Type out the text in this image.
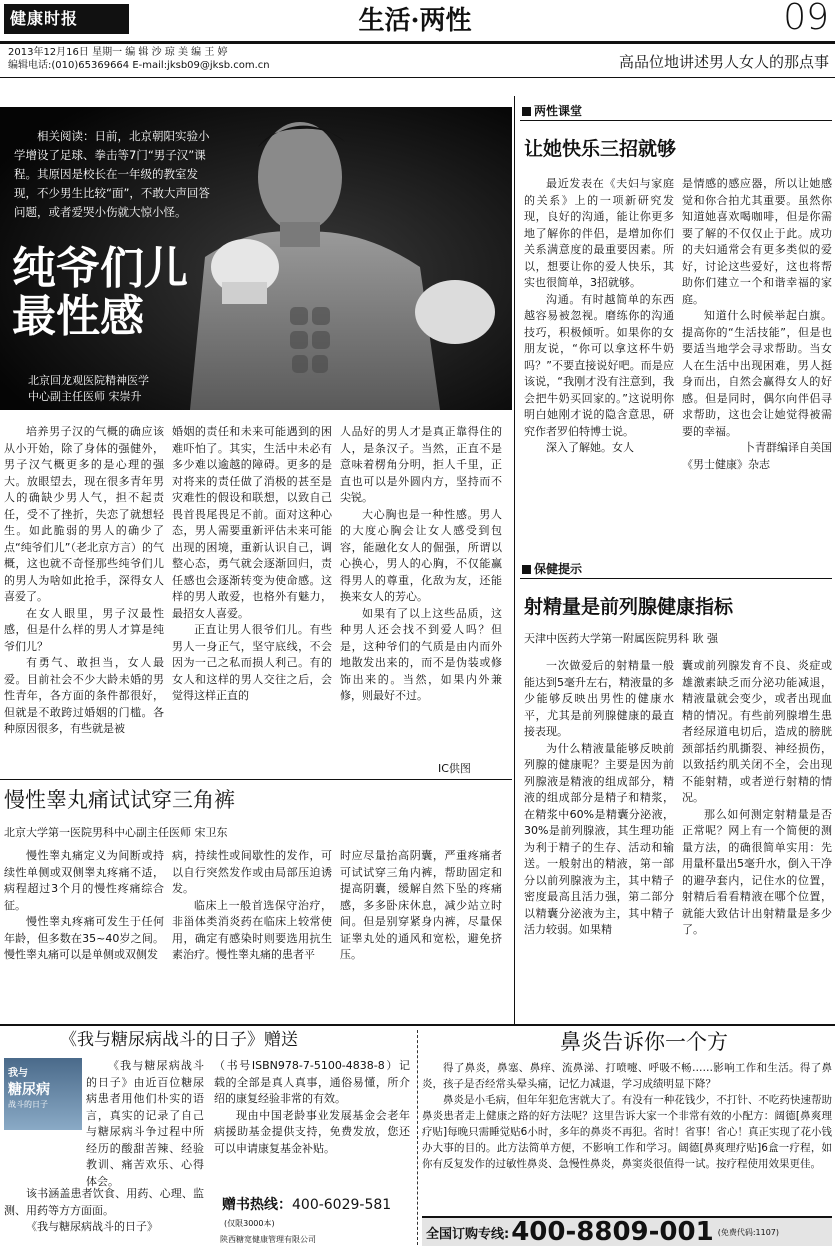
健康时报	生活·两性	09
2013年12月16日 星期一 编 辑 沙 琼 美 编 王 婷
编辑电话:(010)65369664 E-mail:jksb09@jksb.com.cn	高品位地讲述男人女人的那点事
相关阅读：日前，北京朝阳实验小学增设了足球、拳击等7门“男子汉”课程。其原因是校长在一年级的教室发现，不少男生比较“面”，不敢大声回答问题，或者爱哭小伤就大惊小怪。
纯爷们儿
最性感
北京回龙观医院精神医学
中心副主任医师 宋崇升

培养男子汉的气概的确应该从小开始，除了身体的强健外，男子汉气概更多的是心理的强大。放眼望去，现在很多青年男人的确缺少男人气，担不起责任，受不了挫折，失恋了就想轻生。如此脆弱的男人的确少了点“纯爷们儿”（老北京方言）的气概，这也就不奇怪那些纯爷们儿的男人为啥如此抢手，深得女人喜爱了。

在女人眼里，男子汉最性感，但是什么样的男人才算是纯爷们儿？

有勇气、敢担当，女人最爱。目前社会不少大龄未婚的男性青年，各方面的条件都很好，但就是不敢跨过婚姻的门槛。各种原因很多，有些就是被

婚姻的责任和未来可能遇到的困难吓怕了。其实，生活中未必有多少难以逾越的障碍。更多的是对将来的责任做了消极的甚至是灾难性的假设和联想，以致自己畏首畏尾畏足不前。面对这种心态，男人需要重新评估未来可能出现的困境，重新认识自己，调整心态，勇气就会逐渐回归，责任感也会逐渐转变为使命感。这样的男人敢爱，也格外有魅力，最招女人喜爱。

正直让男人很爷们儿。有些男人一身正气，坚守底线，不会因为一己之私而损人利己。有的女人和这样的男人交往之后，会觉得这样正直的

人品好的男人才是真正靠得住的人，是条汉子。当然，正直不是意味着楞角分明，拒人千里，正直也可以是外圆内方，坚持而不尖锐。

大心胸也是一种性感。男人的大度心胸会让女人感受到包容，能融化女人的倔强，所谓以心换心，男人的心胸，不仅能赢得男人的尊重，化敌为友，还能换来女人的芳心。

如果有了以上这些品质，这种男人还会找不到爱人吗？但是，这种爷们的气质是由内而外地散发出来的，而不是伪装或修饰出来的。当然，如果内外兼修，则最好不过。

IC供图
慢性睾丸痛试试穿三角裤
北京大学第一医院男科中心副主任医师 宋卫东

慢性睾丸痛定义为间断或持续性单侧或双侧睾丸疼痛不适，病程超过3个月的慢性疼痛综合征。

慢性睾丸疼痛可发生于任何年龄，但多数在35~40岁之间。慢性睾丸痛可以是单侧或双侧发

病，持续性或间歇性的发作，可以自行突然发作或由局部压迫诱发。

临床上一般首选保守治疗，非甾体类消炎药在临床上较常使用，确定有感染时则要选用抗生素治疗。慢性睾丸痛的患者平

时应尽量抬高阴囊，严重疼痛者可试试穿三角内裤，帮助固定和提高阴囊，缓解自然下坠的疼痛感，多多卧床休息，减少站立时间。但是别穿紧身内裤，尽量保证睾丸处的通风和宽松，避免挤压。

两性课堂
让她快乐三招就够

最近发表在《夫妇与家庭的关系》上的一项新研究发现，良好的沟通，能让你更多地了解你的伴侣，是增加你们关系满意度的最重要因素。所以，想要让你的爱人快乐，其实也很简单，3招就够。

沟通。有时越简单的东西越容易被忽视。磨练你的沟通技巧，积极倾听。如果你的女朋友说，“你可以拿这杯牛奶吗？”不要直接说好吧。而是应该说，“我刚才没有注意到，我会把牛奶买回家的。”这说明你明白她刚才说的隐含意思，研究作者罗伯特博士说。

深入了解她。女人

是情感的感应器，所以让她感觉和你合拍尤其重要。虽然你知道她喜欢喝咖啡，但是你需要了解的不仅仅止于此。成功的夫妇通常会有更多类似的爱好，讨论这些爱好，这也将帮助你们建立一个和谐幸福的家庭。

知道什么时候举起白旗。提高你的“生活技能”，但是也要适当地学会寻求帮助。当女人在生活中出现困难，男人挺身而出，自然会赢得女人的好感。但是同时，偶尔向伴侣寻求帮助，这也会让她觉得被需要的幸福。

卜青群编译自美国

《男士健康》杂志

保健提示
射精量是前列腺健康指标
天津中医药大学第一附属医院男科 耿 强

一次做爱后的射精量一般能达到5毫升左右，精液量的多少能够反映出男性的健康水平，尤其是前列腺健康的最直接表现。

为什么精液量能够反映前列腺的健康呢？主要是因为前列腺液是精液的组成部分，精液的组成部分是精子和精浆，在精浆中60%是精囊分泌液，30%是前列腺液，其生理功能为利于精子的生存、活动和输送。一般射出的精液，第一部分以前列腺液为主，其中精子密度最高且活力强，第二部分以精囊分泌液为主，其中精子活力较弱。如果精

囊或前列腺发育不良、炎症或雄激素缺乏而分泌功能减退，精液量就会变少，或者出现血精的情况。有些前列腺增生患者经尿道电切后，造成的膀胱颈部括约肌撕裂、神经损伤，以致括约肌关闭不全，会出现不能射精，或者逆行射精的情况。

那么如何测定射精量是否正常呢？网上有一个简便的测量方法，的确很简单实用：先用量杯量出5毫升水，倒入干净的避孕套内，记住水的位置，射精后看看精液在哪个位置，就能大致估计出射精量是多少了。

《我与糖尿病战斗的日子》赠送
我与
糖尿病
战斗的日子

《我与糖尿病战斗的日子》由近百位糖尿病患者用他们朴实的语言，真实的记录了自己与糖尿病斗争过程中所经历的酸甜苦辣、经验教训、痛苦欢乐、心得体会。

该书涵盖患者饮食、用药、心理、监测、用药等方方面面。

《我与糖尿病战斗的日子》

（书号ISBN978-7-5100-4838-8）记载的全部是真人真事，通俗易懂，所介绍的康复经验非常的有效。

现由中国老龄事业发展基金会老年病援助基金提供支持，免费发放，您还可以申请康复基金补贴。

赠书热线：400-6029-581
(仅限3000本)
陕西糖宽健康管理有限公司
鼻炎告诉你一个方

得了鼻炎，鼻塞、鼻痒、流鼻涕、打喷嚏、呼吸不畅……影响工作和生活。得了鼻炎，孩子是否经常头晕头痛，记忆力减退，学习成绩明显下降？

鼻炎是小毛病，但年年犯危害就大了。有没有一种花钱少，不打针、不吃药快速帮助鼻炎患者走上健康之路的好方法呢？这里告诉大家一个非常有效的小配方：阔德[鼻爽理疗贴]每晚只需睡觉贴6小时，多年的鼻炎不再犯。省时！省事！省心！真正实现了花小钱办大事的目的。此方法简单方便，不影响工作和学习。阔德[鼻爽理疗贴]6盒一疗程，如你有反复发作的过敏性鼻炎、急慢性鼻炎，鼻窦炎很值得一试。按疗程使用效果更佳。

全国订购专线: 400-8809-001 (免费代码:1107)
